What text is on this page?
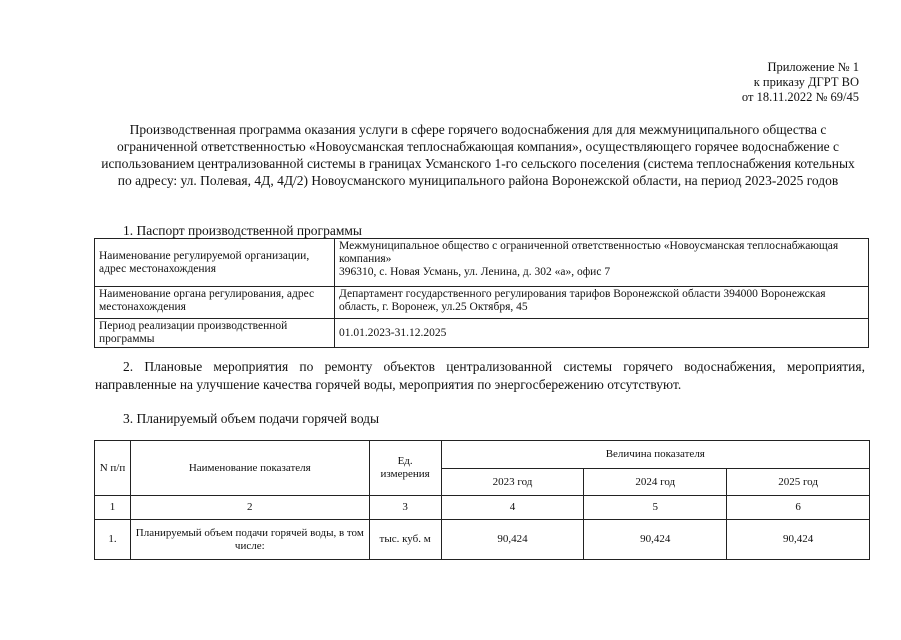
Приложение № 1
к приказу ДГРТ ВО
от 18.11.2022 № 69/45
Производственная программа оказания услуги в сфере горячего водоснабжения для для межмуниципального общества с ограниченной ответственностью «Новоусманская теплоснабжающая компания», осуществляющего горячее водоснабжение с использованием централизованной системы в границах Усманского 1-го сельского поселения (система теплоснабжения котельных по адресу: ул. Полевая, 4Д, 4Д/2) Новоусманского муниципального района Воронежской области, на период 2023-2025 годов
1. Паспорт производственной программы
Наименование регулируемой организации, адрес местонахождения	Межмуниципальное общество с ограниченной ответственностью «Новоусманская теплоснабжающая компания»
396310, с. Новая Усмань, ул. Ленина, д. 302 «а», офис 7

Наименование органа регулирования, адрес местонахождения	Департамент государственного регулирования тарифов Воронежской области 394000 Воронежская область, г. Воронеж, ул.25 Октября, 45
Период реализации производственной программы	01.01.2023-31.12.2025
2. Плановые мероприятия по ремонту объектов централизованной системы горячего водоснабжения, мероприятия, направленные на улучшение качества горячей воды, мероприятия по энергосбережению отсутствуют.
3. Планируемый объем подачи горячей воды
N п/п	Наименование показателя	Ед. измерения	Величина показателя		
			2023 год	2024 год	2025 год
1	2	3	4	5	6
1.	Планируемый объем подачи горячей воды, в том числе:	тыс. куб. м	90,424	90,424	90,424
